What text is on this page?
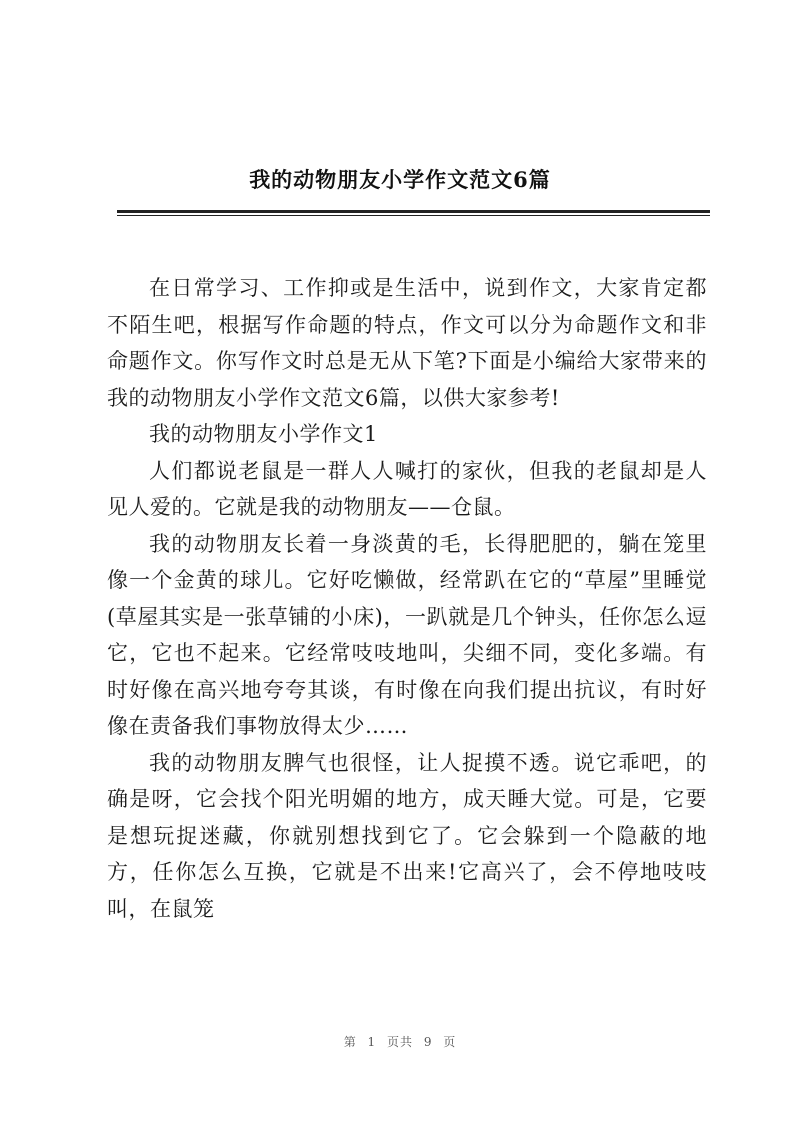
我的动物朋友小学作文范文6篇

在日常学习、工作抑或是生活中，说到作文，大家肯定都不陌生吧，根据写作命题的特点，作文可以分为命题作文和非命题作文。你写作文时总是无从下笔?下面是小编给大家带来的我的动物朋友小学作文范文6篇，以供大家参考!

我的动物朋友小学作文1

人们都说老鼠是一群人人喊打的家伙，但我的老鼠却是人见人爱的。它就是我的动物朋友——仓鼠。

我的动物朋友长着一身淡黄的毛，长得肥肥的，躺在笼里像一个金黄的球儿。它好吃懒做，经常趴在它的“草屋”里睡觉(草屋其实是一张草铺的小床)，一趴就是几个钟头，任你怎么逗它，它也不起来。它经常吱吱地叫，尖细不同，变化多端。有时好像在高兴地夸夸其谈，有时像在向我们提出抗议，有时好像在责备我们事物放得太少……

我的动物朋友脾气也很怪，让人捉摸不透。说它乖吧，的确是呀，它会找个阳光明媚的地方，成天睡大觉。可是，它要是想玩捉迷藏，你就别想找到它了。它会躲到一个隐蔽的地方，任你怎么互换，它就是不出来!它高兴了，会不停地吱吱叫，在鼠笼

第 1 页共 9 页
